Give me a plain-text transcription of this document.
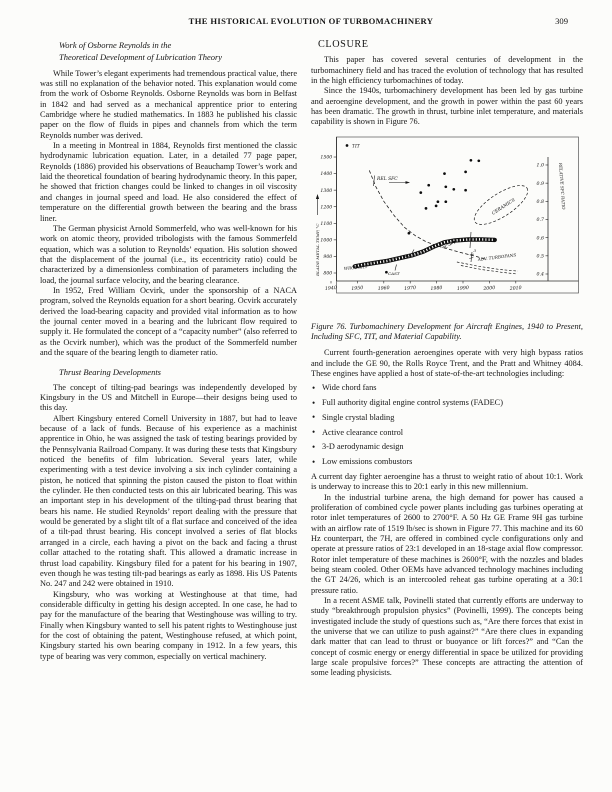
THE HISTORICAL EVOLUTION OF TURBOMACHINERY	309
Work of Osborne Reynolds in the
Theoretical Development of Lubrication Theory

While Tower’s elegant experiments had tremendous practical value, there was still no explanation of the behavior noted. This explanation would come from the work of Osborne Reynolds. Osborne Reynolds was born in Belfast in 1842 and had served as a mechanical apprentice prior to entering Cambridge where he studied mathematics. In 1883 he published his classic paper on the flow of fluids in pipes and channels from which the term Reynolds number was derived.

In a meeting in Montreal in 1884, Reynolds first mentioned the classic hydrodynamic lubrication equation. Later, in a detailed 77 page paper, Reynolds (1886) provided his observations of Beauchamp Tower’s work and laid the theoretical foundation of bearing hydrodynamic theory. In this paper, he showed that friction changes could be linked to changes in oil viscosity and changes in journal speed and load. He also considered the effect of temperature on the differential growth between the bearing and the brass liner.

The German physicist Arnold Sommerfeld, who was well-known for his work on atomic theory, provided tribologists with the famous Sommerfeld equation, which was a solution to Reynolds’ equation. His solution showed that the displacement of the journal (i.e., its eccentricity ratio) could be characterized by a dimensionless combination of parameters including the load, the journal surface velocity, and the bearing clearance.

In 1952, Fred William Ocvirk, under the sponsorship of a NACA program, solved the Reynolds equation for a short bearing. Ocvirk accurately derived the load-bearing capacity and provided vital information as to how the journal center moved in a bearing and the lubricant flow required to supply it. He formulated the concept of a “capacity number” (also referred to as the Ocvirk number), which was the product of the Sommerfeld number and the square of the bearing length to diameter ratio.

Thrust Bearing Developments

The concept of tilting-pad bearings was independently developed by Kingsbury in the US and Mitchell in Europe—their designs being used to this day.

Albert Kingsbury entered Cornell University in 1887, but had to leave because of a lack of funds. Because of his experience as a machinist apprentice in Ohio, he was assigned the task of testing bearings provided by the Pennsylvania Railroad Company. It was during these tests that Kingsbury noticed the benefits of film lubrication. Several years later, while experimenting with a test device involving a six inch cylinder containing a piston, he noticed that spinning the piston caused the piston to float within the cylinder. He then conducted tests on this air lubricated bearing. This was an important step in his development of the tilting-pad thrust bearing that bears his name. He studied Reynolds’ report dealing with the pressure that would be generated by a slight tilt of a flat surface and conceived of the idea of a tilt-pad thrust bearing. His concept involved a series of flat blocks arranged in a circle, each having a pivot on the back and facing a thrust collar attached to the rotating shaft. This allowed a dramatic increase in thrust load capability. Kingsbury filed for a patent for his bearing in 1907, even though he was testing tilt-pad bearings as early as 1898. His US Patents No. 247 and 242 were obtained in 1910.

Kingsbury, who was working at Westinghouse at that time, had considerable difficulty in getting his design accepted. In one case, he had to pay for the manufacture of the bearing that Westinghouse was willing to try. Finally when Kingsbury wanted to sell his patent rights to Westinghouse just for the cost of obtaining the patent, Westinghouse refused, at which point, Kingsbury started his own bearing company in 1912. In a few years, this type of bearing was very common, especially on vertical machinery.

CLOSURE

This paper has covered several centuries of development in the turbomachinery field and has traced the evolution of technology that has resulted in the high efficiency turbomachines of today.

Since the 1940s, turbomachinery development has been led by gas turbine and aeroengine development, and the growth in power within the past 60 years has been dramatic. The growth in thrust, turbine inlet temperature, and materials capability is shown in Figure 76.

1940	1950	1960	1970	1980	1990	2000	2010
800
900
1000
1100
1200
1300
1400
1500
0.4
0.5
0.6
0.7
0.8
0.9
1.0
BLADE METAL TEMP, °C
RELATIVE SFC RATIO
TIT
REL SFC
WROUGHT
CAST
DS
SC
CERAMICS
3
ADV. TURBOFANS

Figure 76. Turbomachinery Development for Aircraft Engines, 1940 to Present, Including SFC, TIT, and Material Capability.

Current fourth-generation aeroengines operate with very high bypass ratios and include the GE 90, the Rolls Royce Trent, and the Pratt and Whitney 4084. These engines have applied a host of state-of-the-art technologies including:

• Wide chord fans
• Full authority digital engine control systems (FADEC)
• Single crystal blading
• Active clearance control
• 3-D aerodynamic design
• Low emissions combustors

A current day fighter aeroengine has a thrust to weight ratio of about 10:1. Work is underway to increase this to 20:1 early in this new millennium.

In the industrial turbine arena, the high demand for power has caused a proliferation of combined cycle power plants including gas turbines operating at rotor inlet temperatures of 2600 to 2700°F. A 50 Hz GE Frame 9H gas turbine with an airflow rate of 1519 lb/sec is shown in Figure 77. This machine and its 60 Hz counterpart, the 7H, are offered in combined cycle configurations only and operate at pressure ratios of 23:1 developed in an 18-stage axial flow compressor. Rotor inlet temperature of these machines is 2600°F, with the nozzles and blades being steam cooled. Other OEMs have advanced technology machines including the GT 24/26, which is an intercooled reheat gas turbine operating at a 30:1 pressure ratio.

In a recent ASME talk, Povinelli stated that currently efforts are underway to study “breakthrough propulsion physics” (Povinelli, 1999). The concepts being investigated include the study of questions such as, “Are there forces that exist in the universe that we can utilize to push against?” “Are there clues in expanding dark matter that can lead to thrust or buoyance or lift forces?” and “Can the concept of cosmic energy or energy differential in space be utilized for providing large scale propulsive forces?” These concepts are attracting the attention of some leading physicists.
